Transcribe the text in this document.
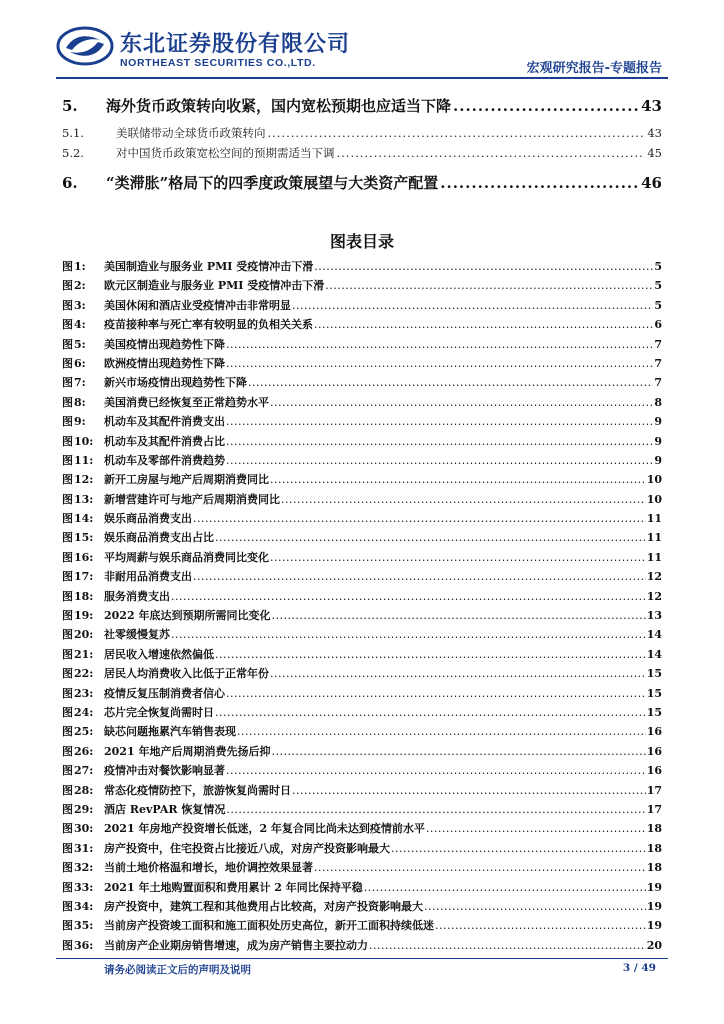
东北证券股份有限公司
NORTHEAST SECURITIES CO.,LTD.	宏观研究报告-专题报告
5.	海外货币政策转向收紧，国内宽松预期也应适当下降 .....	43
5.1.	美联储带动全球货币政策转向 .....	43
5.2.	对中国货币政策宽松空间的预期需适当下调 .....	45
6.	“类滞胀”格局下的四季度政策展望与大类资产配置 .....	46
图表目录
图 1:	美国制造业与服务业 PMI 受疫情冲击下滑 .....	5
图 2:	欧元区制造业与服务业 PMI 受疫情冲击下滑 .....	5
图 3:	美国休闲和酒店业受疫情冲击非常明显 .....	5
图 4:	疫苗接种率与死亡率有较明显的负相关关系 .....	6
图 5:	美国疫情出现趋势性下降 .....	7
图 6:	欧洲疫情出现趋势性下降 .....	7
图 7:	新兴市场疫情出现趋势性下降 .....	7
图 8:	美国消费已经恢复至正常趋势水平 .....	8
图 9:	机动车及其配件消费支出 .....	9
图 10: 机动车及其配件消费占比 .....	9
图 11: 机动车及零部件消费趋势 .....	9
图 12: 新开工房屋与地产后周期消费同比 .....	10
图 13: 新增营建许可与地产后周期消费同比 .....	10
图 14: 娱乐商品消费支出 .....	11
图 15: 娱乐商品消费支出占比 .....	11
图 16: 平均周薪与娱乐商品消费同比变化 .....	11
图 17: 非耐用品消费支出 .....	12
图 18: 服务消费支出 .....	12
图 19: 2022 年底达到预期所需同比变化 .....	13
图 20: 社零缓慢复苏 .....	14
图 21: 居民收入增速依然偏低 .....	14
图 22: 居民人均消费收入比低于正常年份 .....	15
图 23: 疫情反复压制消费者信心 .....	15
图 24: 芯片完全恢复尚需时日 .....	15
图 25: 缺芯问题拖累汽车销售表现 .....	16
图 26: 2021 年地产后周期消费先扬后抑 .....	16
图 27: 疫情冲击对餐饮影响显著 .....	16
图 28: 常态化疫情防控下，旅游恢复尚需时日 .....	17
图 29: 酒店 RevPAR 恢复情况 .....	17
图 30: 2021 年房地产投资增长低迷，2 年复合同比尚未达到疫情前水平 .....	18
图 31: 房产投资中，住宅投资占比接近八成，对房产投资影响最大 .....	18
图 32: 当前土地价格温和增长，地价调控效果显著 .....	18
图 33: 2021 年土地购置面积和费用累计 2 年同比保持平稳 .....	19
图 34: 房产投资中，建筑工程和其他费用占比较高，对房产投资影响最大 .....	19
图 35: 当前房产投资竣工面积和施工面积处历史高位，新开工面积持续低迷 .....	19
图 36: 当前房产企业期房销售增速，成为房产销售主要拉动力 .....	20
请务必阅读正文后的声明及说明	3 / 49
